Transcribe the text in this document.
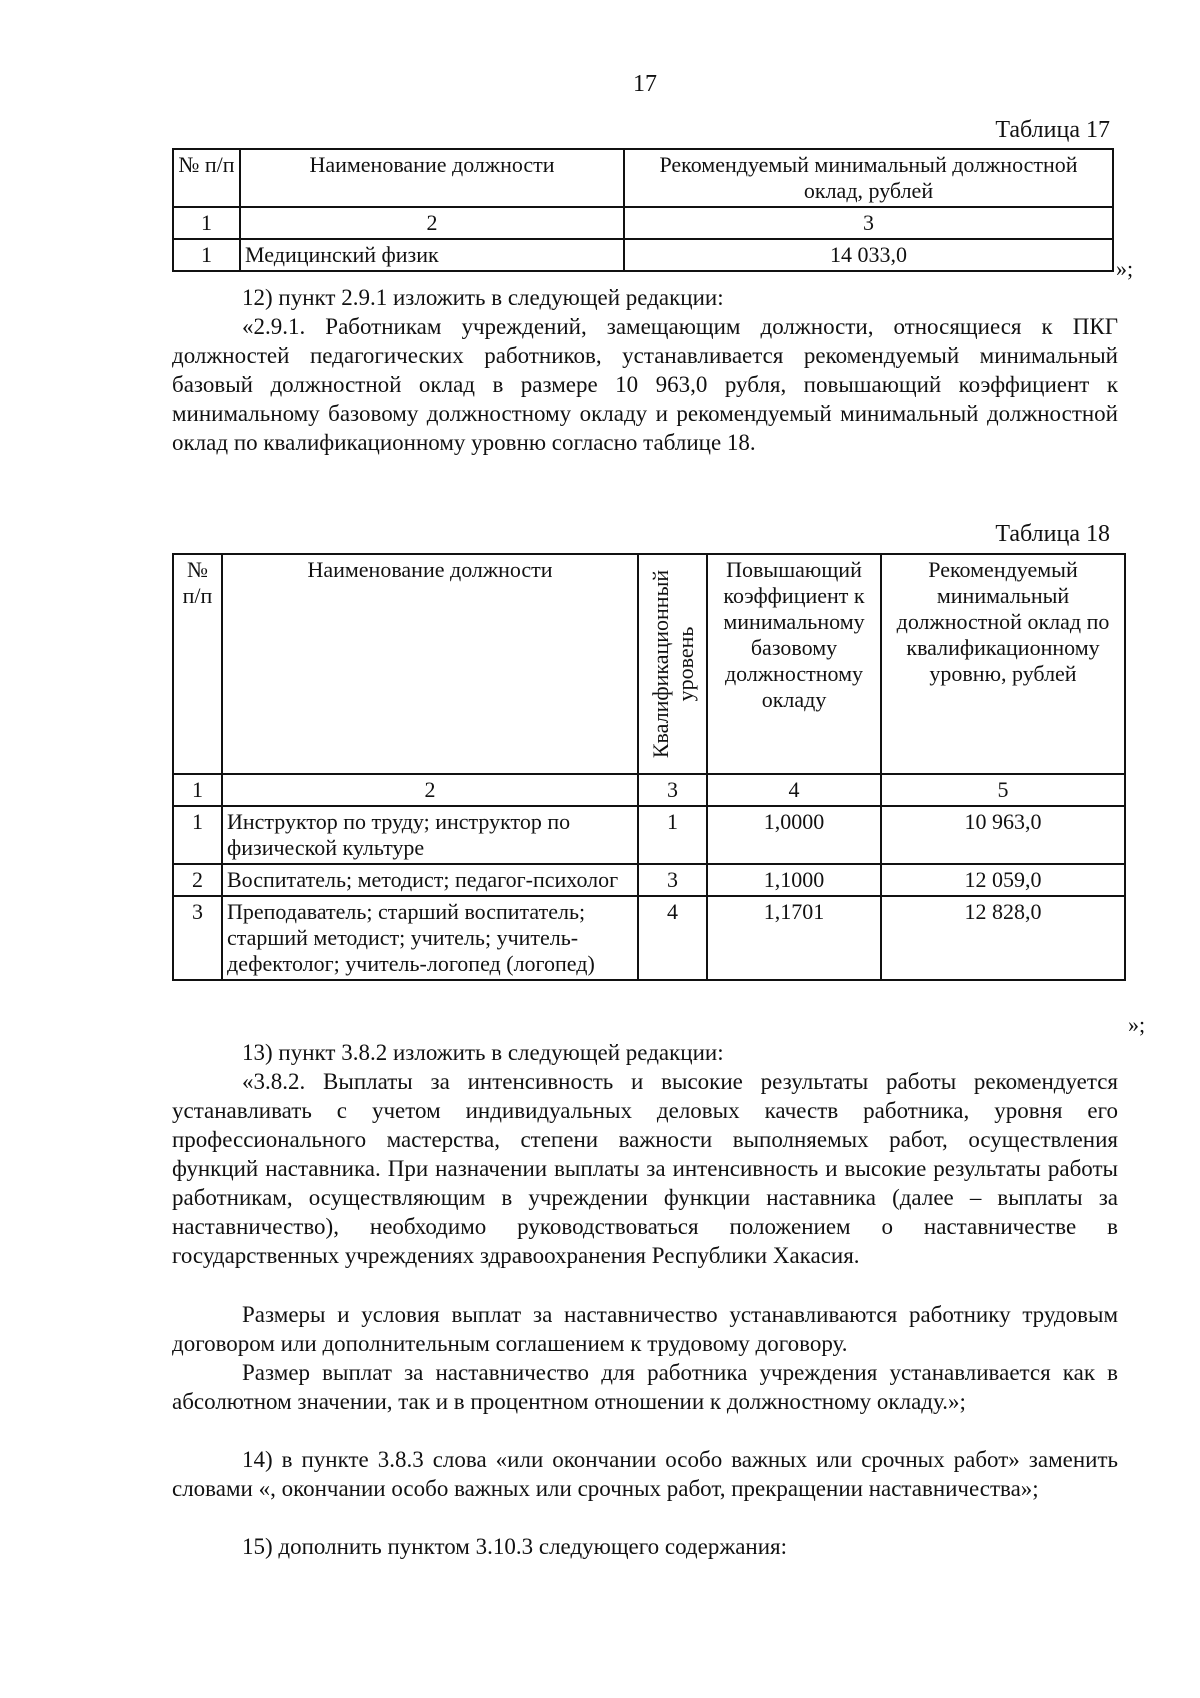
17
Таблица 17
№ п/п	Наименование должности	Рекомендуемый минимальный должностной оклад, рублей
1	2	3
1	Медицинский физик	14 033,0
»;
12) пункт 2.9.1 изложить в следующей редакции:
«2.9.1. Работникам учреждений, замещающим должности, относящиеся к ПКГ должностей педагогических работников, устанавливается рекомендуемый минимальный базовый должностной оклад в размере 10 963,0 рубля, повышающий коэффициент к минимальному базовому должностному окладу и рекомендуемый минимальный должностной оклад по квалификационному уровню согласно таблице 18.
Таблица 18
№ п/п	Наименование должности	Квалификационный уровень	Повышающий коэффициент к минимальному базовому должностному окладу	Рекомендуемый минимальный должностной оклад по квалификационному уровню, рублей
1	2	3	4	5
1	Инструктор по труду; инструктор по физической культуре	1	1,0000	10 963,0
2	Воспитатель; методист; педагог-психолог	3	1,1000	12 059,0
3	Преподаватель; старший воспитатель; старший методист; учитель; учитель-дефектолог; учитель-логопед (логопед)	4	1,1701	12 828,0
»;
13) пункт 3.8.2 изложить в следующей редакции:
«3.8.2. Выплаты за интенсивность и высокие результаты работы рекомендуется устанавливать с учетом индивидуальных деловых качеств работника, уровня его профессионального мастерства, степени важности выполняемых работ, осуществления функций наставника. При назначении выплаты за интенсивность и высокие результаты работы работникам, осуществляющим в учреждении функции наставника (далее – выплаты за наставничество), необходимо руководствоваться положением о наставничестве в государственных учреждениях здравоохранения Республики Хакасия.
Размеры и условия выплат за наставничество устанавливаются работнику трудовым договором или дополнительным соглашением к трудовому договору.
Размер выплат за наставничество для работника учреждения устанавливается как в абсолютном значении, так и в процентном отношении к должностному окладу.»;
14) в пункте 3.8.3 слова «или окончании особо важных или срочных работ» заменить словами «, окончании особо важных или срочных работ, прекращении наставничества»;
15) дополнить пунктом 3.10.3 следующего содержания:
